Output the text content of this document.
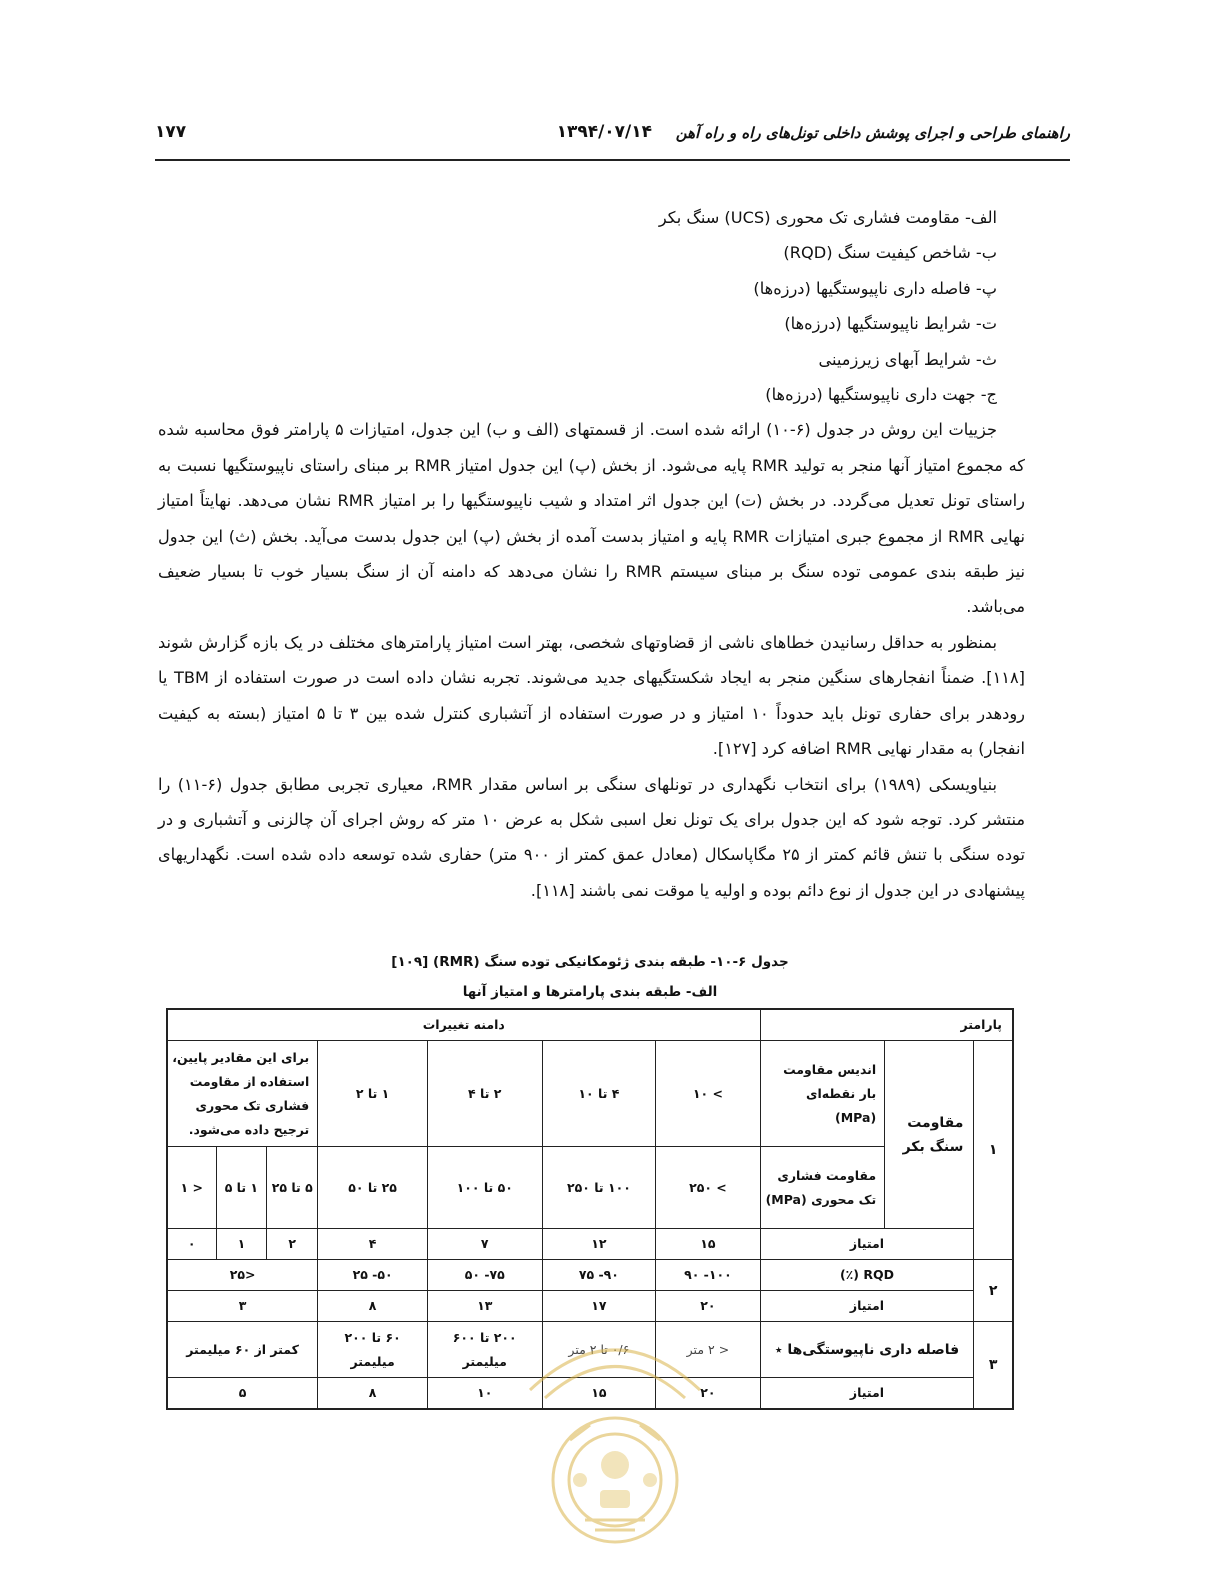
راهنمای طراحی و اجرای پوشش داخلی تونل‌های راه و راه آهن
۱۳۹۴/۰۷/۱۴
۱۷۷
الف- مقاومت فشاری تک محوری (UCS) سنگ بکر
ب- شاخص کیفیت سنگ (RQD)
پ- فاصله داری ناپیوستگیها (درزه‌ها)
ت- شرایط ناپیوستگیها (درزه‌ها)
ث- شرایط آبهای زیرزمینی
ج- جهت داری ناپیوستگیها (درزه‌ها)

جزییات این روش در جدول (۶-۱۰) ارائه شده است. از قسمتهای (الف و ب) این جدول، امتیازات ۵ پارامتر فوق محاسبه شده که مجموع امتیاز آنها منجر به تولید RMR پایه می‌شود. از بخش (پ) این جدول امتیاز RMR بر مبنای راستای ناپیوستگیها نسبت به راستای تونل تعدیل می‌گردد. در بخش (ت) این جدول اثر امتداد و شیب ناپیوستگیها را بر امتیاز RMR نشان می‌دهد. نهایتاً امتیاز نهایی RMR از مجموع جبری امتیازات RMR پایه و امتیاز بدست آمده از بخش (پ) این جدول بدست می‌آید. بخش (ث) این جدول نیز طبقه بندی عمومی توده سنگ بر مبنای سیستم RMR را نشان می‌دهد که دامنه آن از سنگ بسیار خوب تا بسیار ضعیف می‌باشد.

بمنظور به حداقل رسانیدن خطاهای ناشی از قضاوتهای شخصی، بهتر است امتیاز پارامترهای مختلف در یک بازه گزارش شوند [۱۱۸]. ضمناً انفجارهای سنگین منجر به ایجاد شکستگیهای جدید می‌شوند. تجربه نشان داده است در صورت استفاده از TBM یا رودهدر برای حفاری تونل باید حدوداً ۱۰ امتیاز و در صورت استفاده از آتشباری کنترل شده بین ۳ تا ۵ امتیاز (بسته به کیفیت انفجار) به مقدار نهایی RMR اضافه کرد [۱۲۷].

بنیاویسکی (۱۹۸۹) برای انتخاب نگهداری در تونلهای سنگی بر اساس مقدار RMR، معیاری تجربی مطابق جدول (۶-۱۱) را منتشر کرد. توجه شود که این جدول برای یک تونل نعل اسبی شکل به عرض ۱۰ متر که روش اجرای آن چالزنی و آتشباری و در توده سنگی با تنش قائم کمتر از ۲۵ مگاپاسکال (معادل عمق کمتر از ۹۰۰ متر) حفاری شده توسعه داده شده است. نگهداریهای پیشنهادی در این جدول از نوع دائم بوده و اولیه یا موقت نمی باشند [۱۱۸].

جدول ۶-۱۰- طبقه بندی ژئومکانیکی توده سنگ (RMR) [۱۰۹]
الف- طبقه بندی پارامترها و امتیاز آنها
پارامتر			دامنه تغییرات						
۱	مقاومت سنگ بکر	اندیس مقاومت بار نقطه‌ای (MPa)	> ۱۰	۴ تا ۱۰	۲ تا ۴	۱ تا ۲	برای این مقادیر پایین، استفاده از مقاومت فشاری تک محوری ترجیح داده می‌شود.		
		مقاومت فشاری تک محوری (MPa)	> ۲۵۰	۱۰۰ تا ۲۵۰	۵۰ تا ۱۰۰	۲۵ تا ۵۰	۵ تا ۲۵	۱ تا ۵	< ۱
	امتیاز		۱۵	۱۲	۷	۴	۲	۱	۰
۲	RQD (٪)		۱۰۰- ۹۰	۹۰- ۷۵	۷۵- ۵۰	۵۰- ۲۵	<۲۵		
	امتیاز		۲۰	۱۷	۱۳	۸	۳		
۳	فاصله داری ناپیوستگی‌ها ٭		< ۲ متر	۰/۶ تا ۲ متر	۲۰۰ تا ۶۰۰ میلیمتر	۶۰ تا ۲۰۰ میلیمتر	کمتر از ۶۰ میلیمتر		
	امتیاز		۲۰	۱۵	۱۰	۸	۵		
